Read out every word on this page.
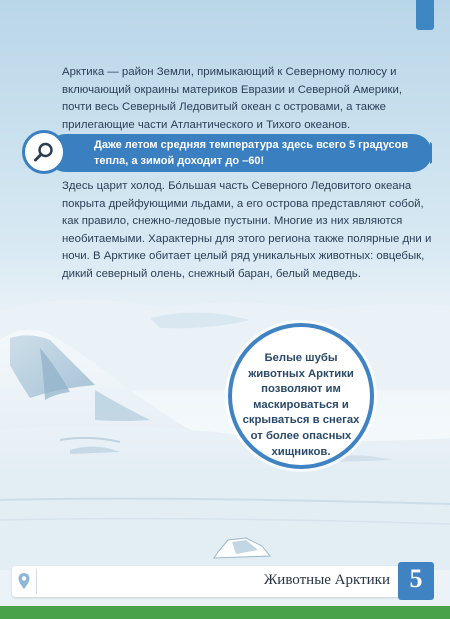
Арктика — район Земли, примыкающий к Северному полюсу и включающий окраины материков Евразии и Северной Америки, почти весь Северный Ледовитый океан с островами, а также прилегающие части Атлантического и Тихого океанов.

Даже летом средняя температура здесь всего 5 градусов тепла, а зимой доходит до –60!

Здесь царит холод. Бо́льшая часть Северного Ледовитого океана покрыта дрейфующими льдами, а его острова представляют собой, как правило, снежно-ледовые пустыни. Многие из них являются необитаемыми. Характерны для этого региона также полярные дни и ночи. В Арктике обитает целый ряд уникальных животных: овцебык, дикий северный олень, снежный баран, белый медведь.

Белые шубы животных Арктики позволяют им маскироваться и скрываться в снегах от более опасных хищников.

Животные Арктики 5
